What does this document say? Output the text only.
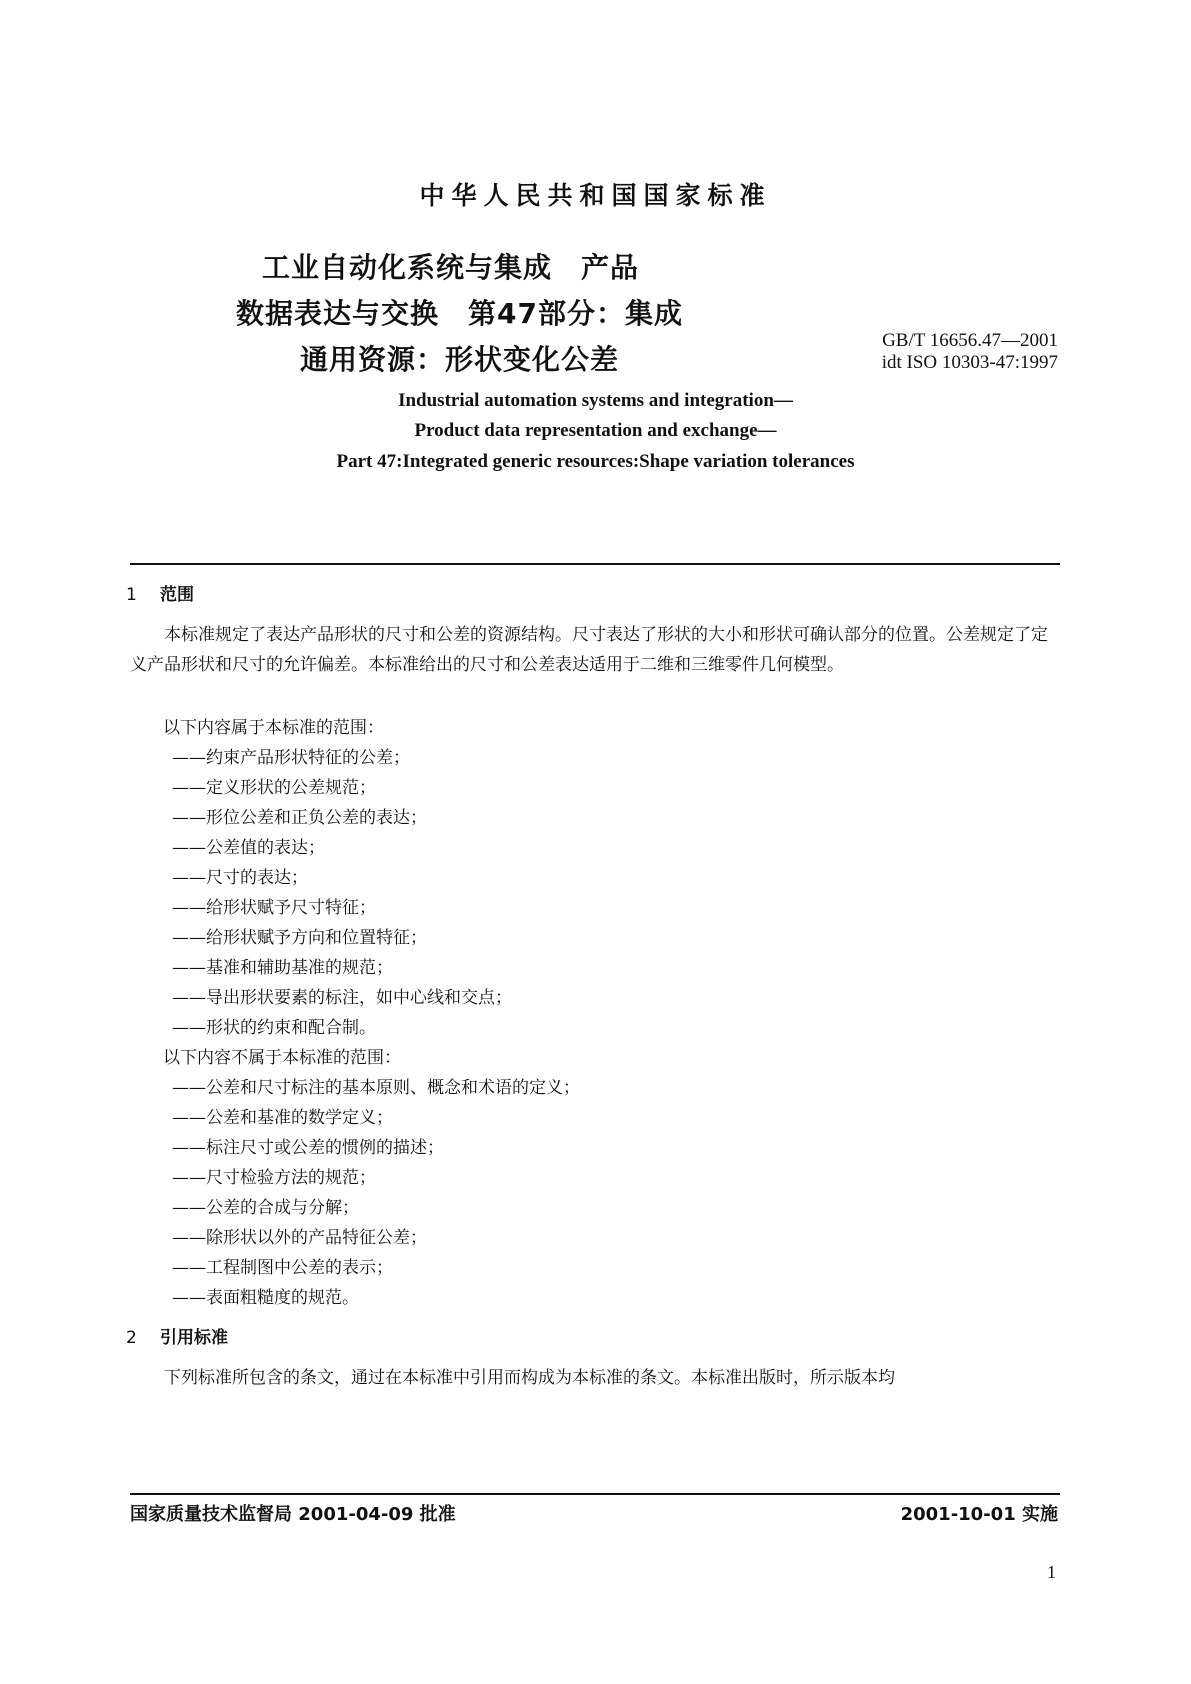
中华人民共和国国家标准
工业自动化系统与集成　产品
数据表达与交换　第47部分：集成
通用资源：形状变化公差
GB/T 16656.47—2001
idt ISO 10303-47:1997
Industrial automation systems and integration—
Product data representation and exchange—
Part 47:Integrated generic resources:Shape variation tolerances
1 范围
本标准规定了表达产品形状的尺寸和公差的资源结构。尺寸表达了形状的大小和形状可确认部分的位置。公差规定了定义产品形状和尺寸的允许偏差。本标准给出的尺寸和公差表达适用于二维和三维零件几何模型。
以下内容属于本标准的范围：
——约束产品形状特征的公差；
——定义形状的公差规范；
——形位公差和正负公差的表达；
——公差值的表达；
——尺寸的表达；
——给形状赋予尺寸特征；
——给形状赋予方向和位置特征；
——基准和辅助基准的规范；
——导出形状要素的标注，如中心线和交点；
——形状的约束和配合制。
以下内容不属于本标准的范围：
——公差和尺寸标注的基本原则、概念和术语的定义；
——公差和基准的数学定义；
——标注尺寸或公差的惯例的描述；
——尺寸检验方法的规范；
——公差的合成与分解；
——除形状以外的产品特征公差；
——工程制图中公差的表示；
——表面粗糙度的规范。
2 引用标准
下列标准所包含的条文，通过在本标准中引用而构成为本标准的条文。本标准出版时，所示版本均
国家质量技术监督局 2001-04-09 批准	2001-10-01 实施
1
